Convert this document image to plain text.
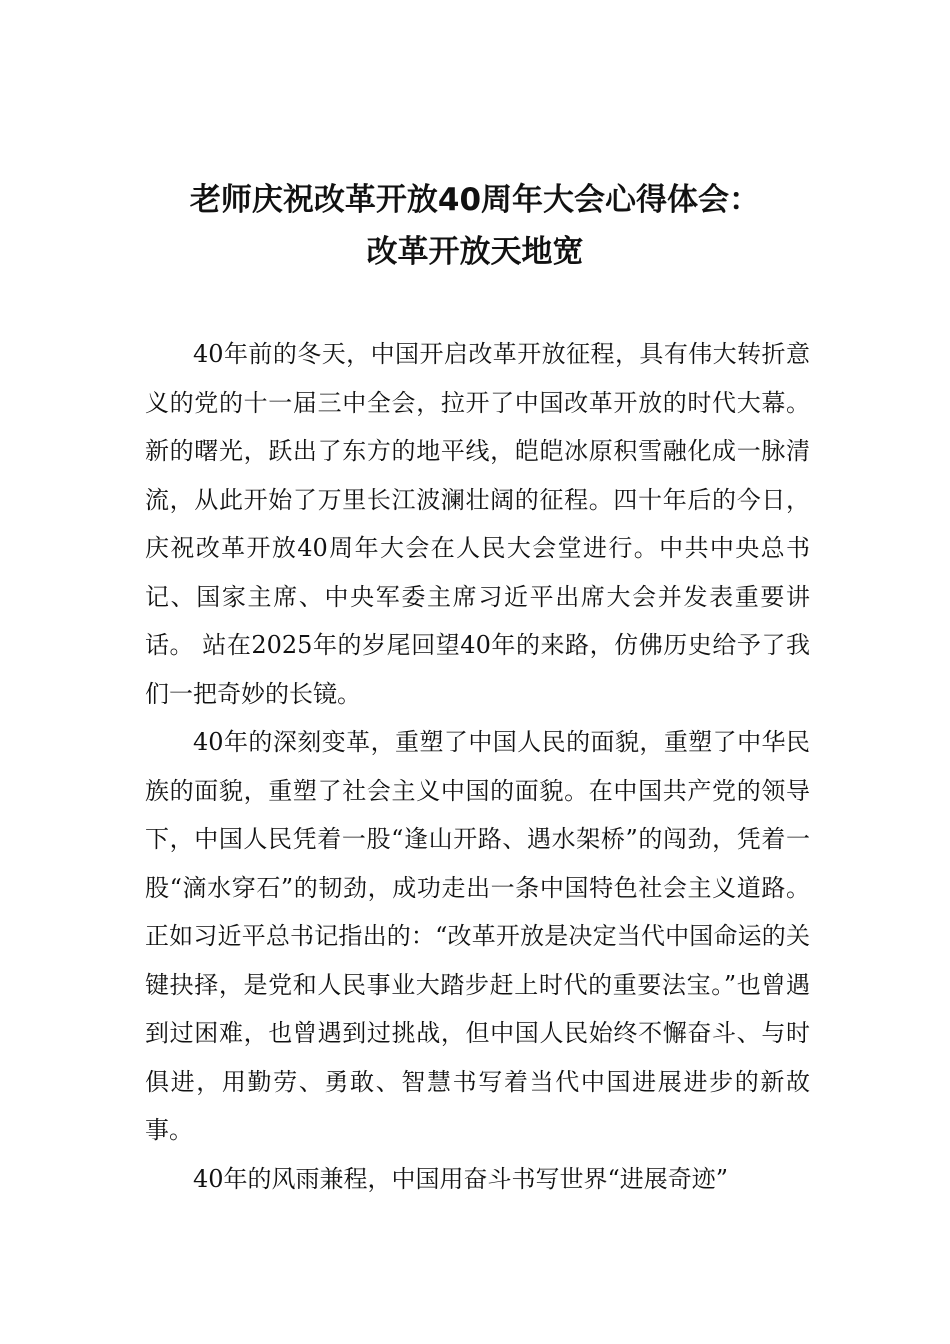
老师庆祝改革开放40周年大会心得体会：
改革开放天地宽

40年前的冬天，中国开启改革开放征程，具有伟大转折意义的党的十一届三中全会，拉开了中国改革开放的时代大幕。新的曙光，跃出了东方的地平线，皑皑冰原积雪融化成一脉清流，从此开始了万里长江波澜壮阔的征程。四十年后的今日，庆祝改革开放40周年大会在人民大会堂进行。中共中央总书记、国家主席、中央军委主席习近平出席大会并发表重要讲话。 站在2025年的岁尾回望40年的来路，仿佛历史给予了我们一把奇妙的长镜。

40年的深刻变革，重塑了中国人民的面貌，重塑了中华民族的面貌，重塑了社会主义中国的面貌。在中国共产党的领导下，中国人民凭着一股“逢山开路、遇水架桥”的闯劲，凭着一股“滴水穿石”的韧劲，成功走出一条中国特色社会主义道路。正如习近平总书记指出的：“改革开放是决定当代中国命运的关键抉择，是党和人民事业大踏步赶上时代的重要法宝。”也曾遇到过困难，也曾遇到过挑战，但中国人民始终不懈奋斗、与时俱进，用勤劳、勇敢、智慧书写着当代中国进展进步的新故事。

40年的风雨兼程，中国用奋斗书写世界“进展奇迹”
